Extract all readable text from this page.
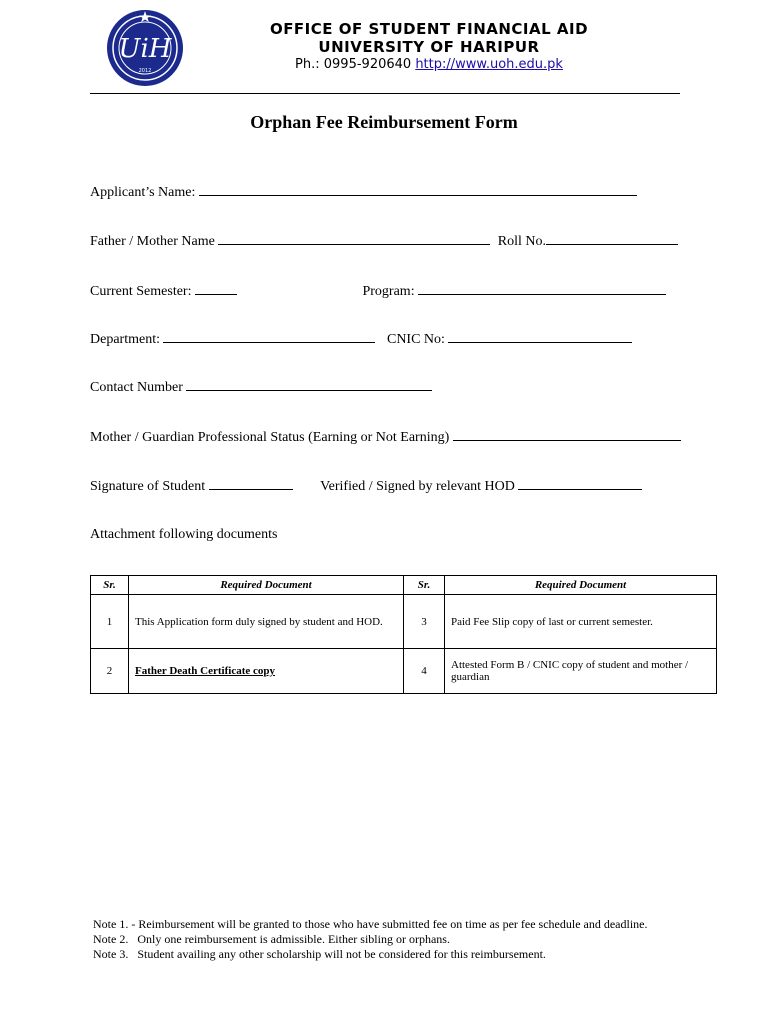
UiH
2012
OFFICE OF STUDENT FINANCIAL AID
UNIVERSITY OF HARIPUR
Ph.: 0995-920640 http://www.uoh.edu.pk
Orphan Fee Reimbursement Form
Applicant’s Name:
Father / Mother Name	Roll No.
Current Semester:	Program:
Department:	CNIC No:
Contact Number
Mother / Guardian Professional Status (Earning or Not Earning)
Signature of Student	Verified / Signed by relevant HOD
Attachment following documents
Sr.	Required Document	Sr.	Required Document
1	This Application form duly signed by student and HOD.	3	Paid Fee Slip copy of last or current semester.
2	Father Death Certificate copy	4	Attested Form B / CNIC copy of student and mother / guardian
Note 1. - Reimbursement will be granted to those who have submitted fee on time as per fee schedule and deadline.
Note 2.   Only one reimbursement is admissible. Either sibling or orphans.
Note 3.   Student availing any other scholarship will not be considered for this reimbursement.
